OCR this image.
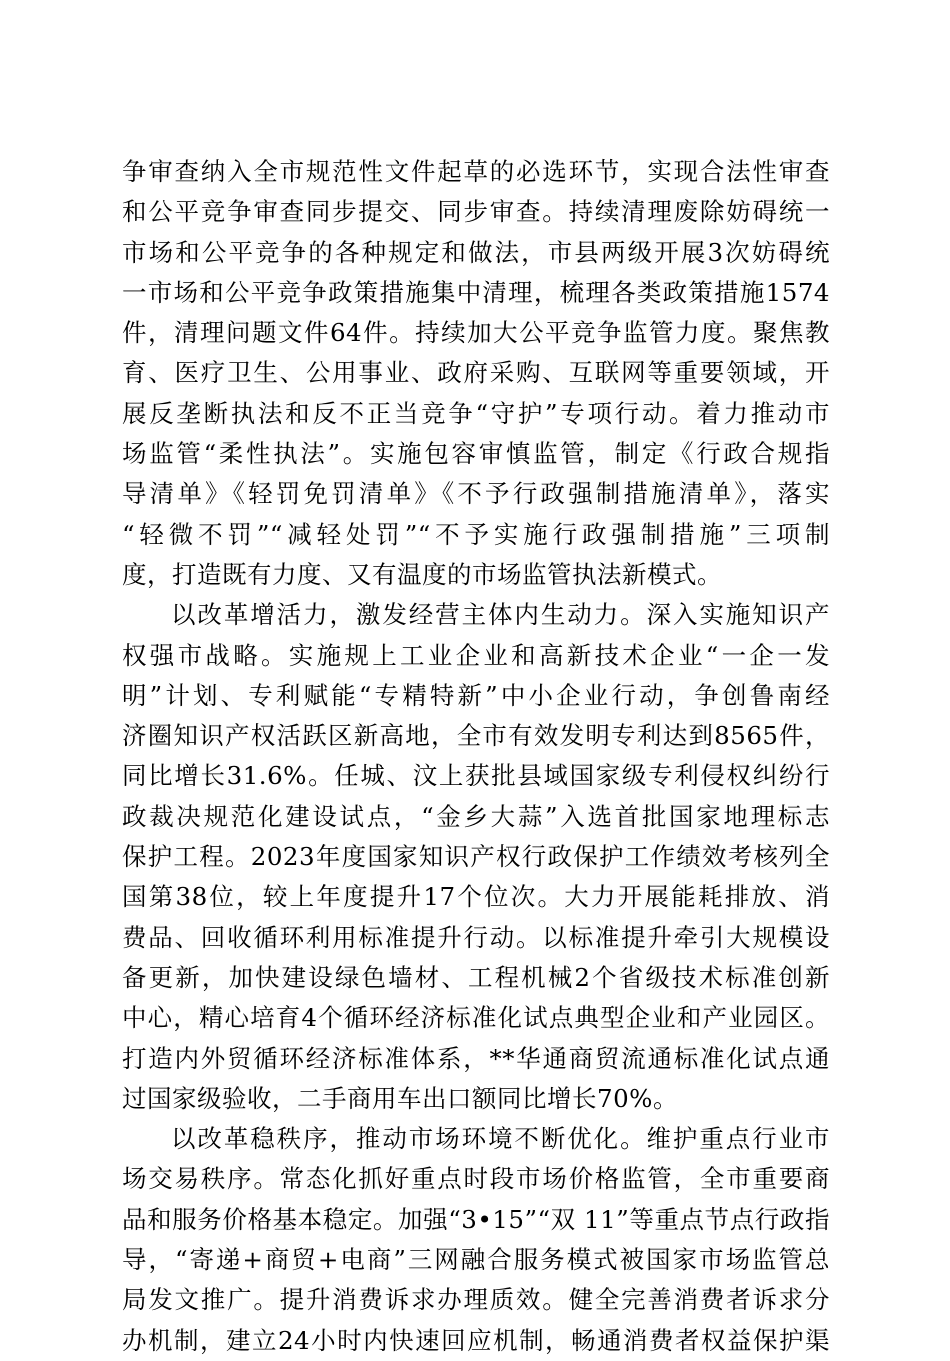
争审查纳入全市规范性文件起草的必选环节，实现合法性审查
和公平竞争审查同步提交、同步审查。持续清理废除妨碍统一
市场和公平竞争的各种规定和做法，市县两级开展3次妨碍统
一市场和公平竞争政策措施集中清理，梳理各类政策措施1574
件，清理问题文件64件。持续加大公平竞争监管力度。聚焦教
育、医疗卫生、公用事业、政府采购、互联网等重要领域，开
展反垄断执法和反不正当竞争“守护”专项行动。着力推动市
场监管“柔性执法”。实施包容审慎监管，制定《行政合规指
导清单》《轻罚免罚清单》《不予行政强制措施清单》，落实
“轻微不罚”“减轻处罚”“不予实施行政强制措施”三项制
度，打造既有力度、又有温度的市场监管执法新模式。
以改革增活力，激发经营主体内生动力。深入实施知识产
权强市战略。实施规上工业企业和高新技术企业“一企一发
明”计划、专利赋能“专精特新”中小企业行动，争创鲁南经
济圈知识产权活跃区新高地，全市有效发明专利达到8565件，
同比增长31.6%。任城、汶上获批县域国家级专利侵权纠纷行
政裁决规范化建设试点，“金乡大蒜”入选首批国家地理标志
保护工程。2023年度国家知识产权行政保护工作绩效考核列全
国第38位，较上年度提升17个位次。大力开展能耗排放、消
费品、回收循环利用标准提升行动。以标准提升牵引大规模设
备更新，加快建设绿色墙材、工程机械2个省级技术标准创新
中心，精心培育4个循环经济标准化试点典型企业和产业园区。
打造内外贸循环经济标准体系，**华通商贸流通标准化试点通
过国家级验收，二手商用车出口额同比增长70%。
以改革稳秩序，推动市场环境不断优化。维护重点行业市
场交易秩序。常态化抓好重点时段市场价格监管，全市重要商
品和服务价格基本稳定。加强“3•15”“双 11”等重点节点行政指
导，“寄递+商贸+电商”三网融合服务模式被国家市场监管总
局发文推广。提升消费诉求办理质效。健全完善消费者诉求分
办机制，建立24小时内快速回应机制，畅通消费者权益保护渠
